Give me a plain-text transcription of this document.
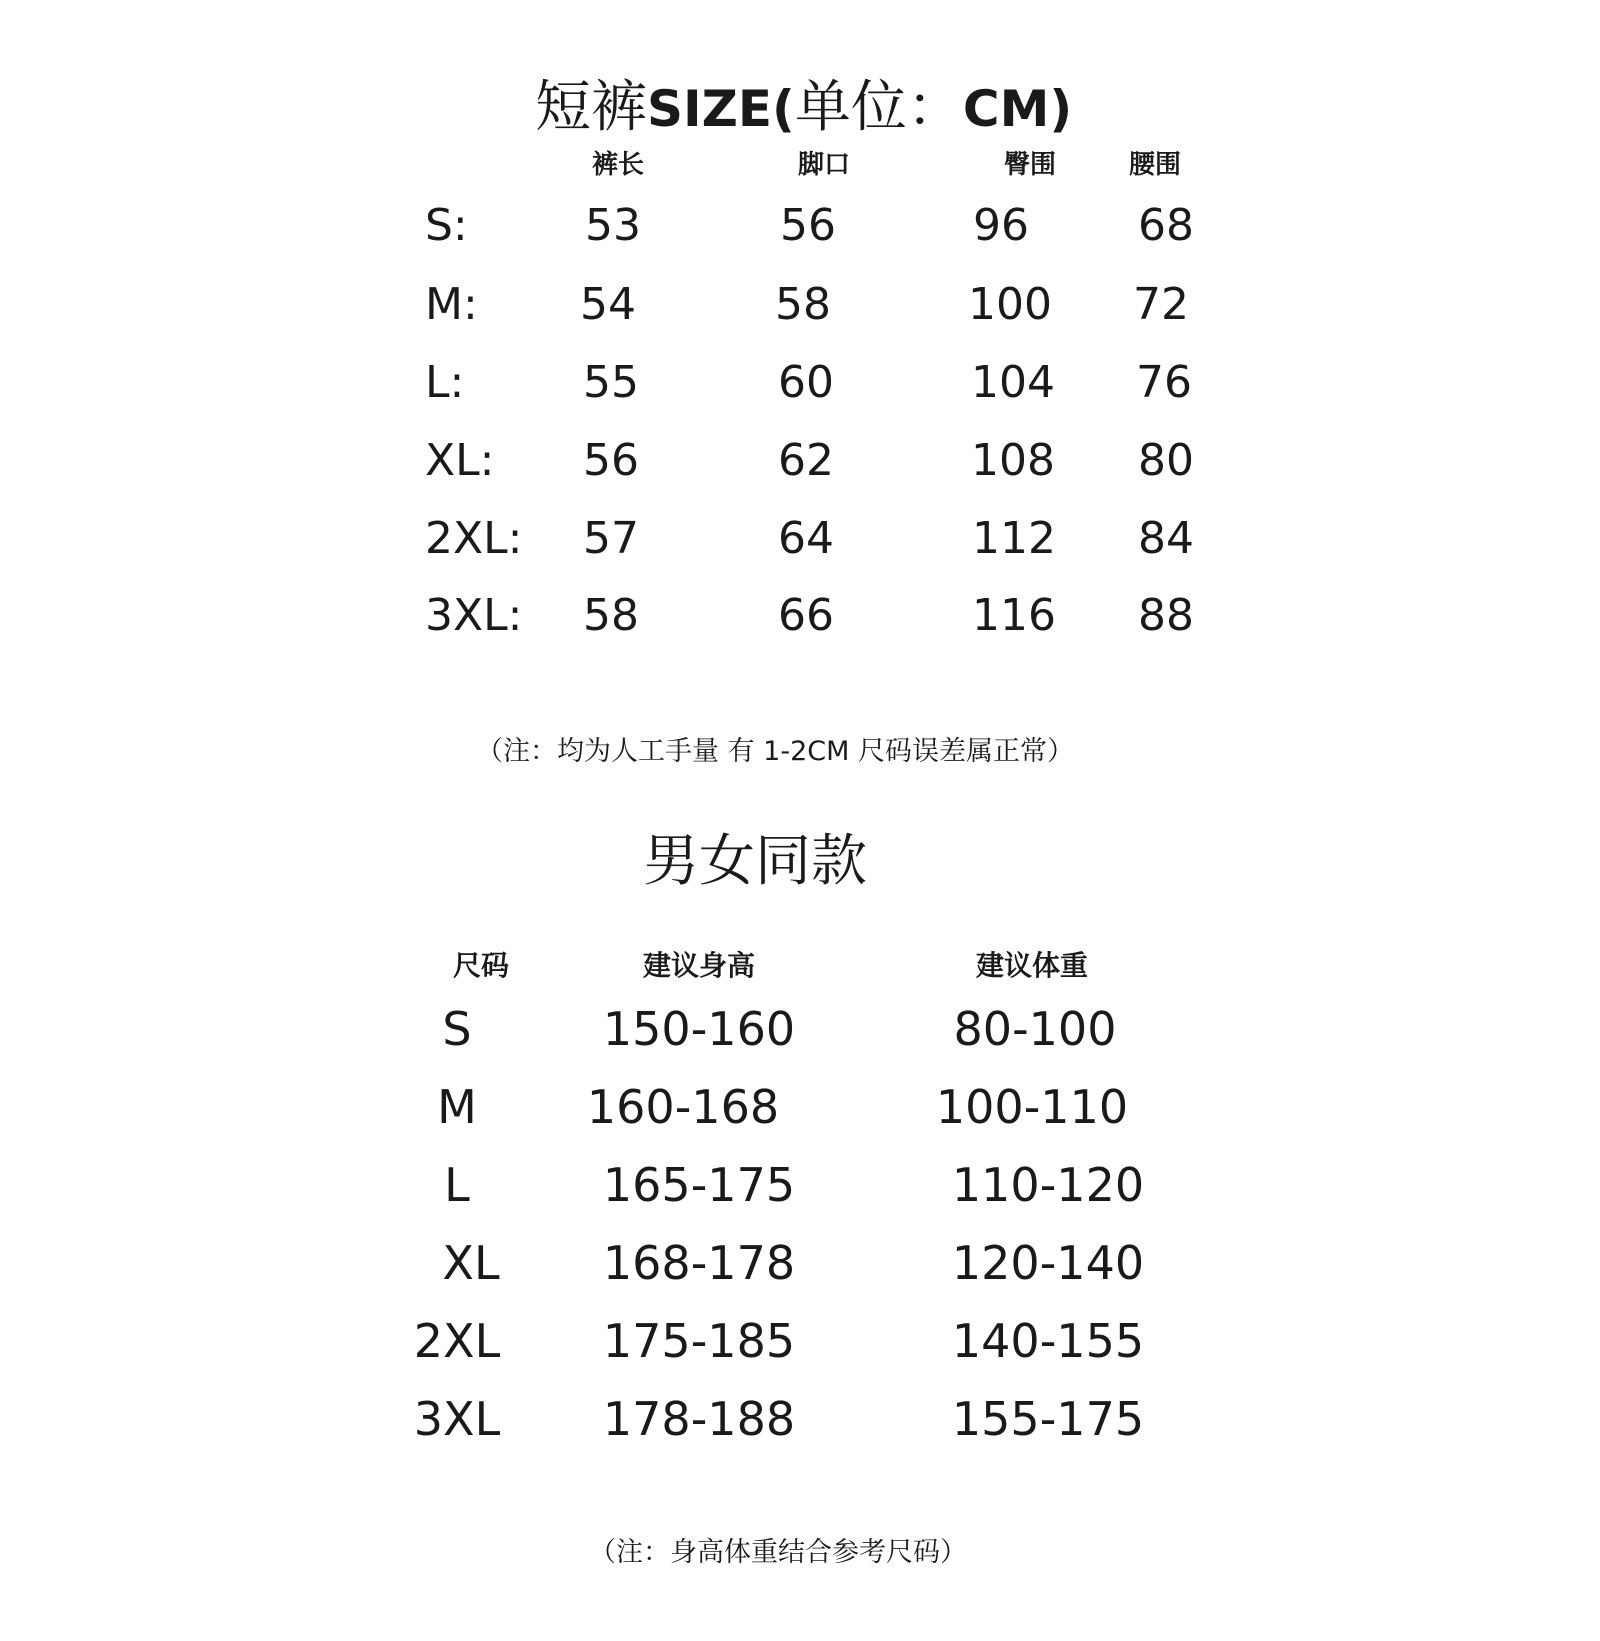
短裤SIZE(单位：CM)
裤长	脚口	臀围	腰围
S:	53	56	96 68
M: 54	58	100 72
L:	55	60	104 76
XL: 56	62	108 80
2XL: 57	64	112 84
3XL: 58	66	116 88
（注：均为人工手量 有 1-2CM 尺码误差属正常）
男女同款
尺码	建议身高	建议体重
S	150-160	80-100
M 160-168	100-110
L	165-175	110-120
XL 168-178	120-140
2XL 175-185	140-155
3XL 178-188	155-175
（注：身高体重结合参考尺码）
